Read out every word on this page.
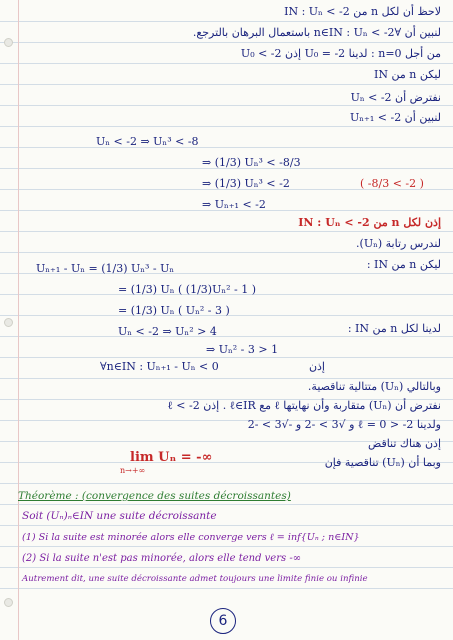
لاحظ أن لكل n من IN : Uₙ < -2
لنبين أن ∀n∈IN : Uₙ < -2 باستعمال البرهان بالترجع.
من أجل n=0 : لدينا U₀ = -2 إذن U₀ < -2
ليكن n من IN
نفترض أن Uₙ < -2
لنبين أن Uₙ₊₁ < -2
Uₙ < -2 ⇒ Uₙ³ < -8
⇒ (1/3) Uₙ³ < -8/3
⇒ (1/3) Uₙ³ < -2	( -8/3 < -2 )
⇒ Uₙ₊₁ < -2
إذن لكل n من IN : Uₙ < -2
لندرس رتابة (Uₙ).
ليكن n من IN :
Uₙ₊₁ - Uₙ = (1/3) Uₙ³ - Uₙ
= (1/3) Uₙ ( (1/3)Uₙ² - 1 )
= (1/3) Uₙ ( Uₙ² - 3 )
لدينا لكل n من IN :
Uₙ < -2 ⇒ Uₙ² > 4
⇒ Uₙ² - 3 > 1
∀n∈IN : Uₙ₊₁ - Uₙ < 0	إذن
وبالتالي (Uₙ) متتالية تناقصية.
نفترض أن (Uₙ) متقاربة وأن نهايتها ℓ مع ℓ∈IR . إذن ℓ < -2
ولدينا ℓ = 0 > -2 و √3 > -2 و -√3 > -2
إذن هناك تناقض
وبما أن (Uₙ) تناقصية فإن
lim Uₙ = -∞
n→+∞
Théorème : (convergence des suites décroissantes)
Soit (Uₙ)ₙ∈IN une suite décroissante
(1) Si la suite est minorée alors elle converge vers ℓ = inf{Uₙ ; n∈IN}
(2) Si la suite n'est pas minorée, alors elle tend vers -∞
Autrement dit, une suite décroissante admet toujours une limite finie ou infinie
6
